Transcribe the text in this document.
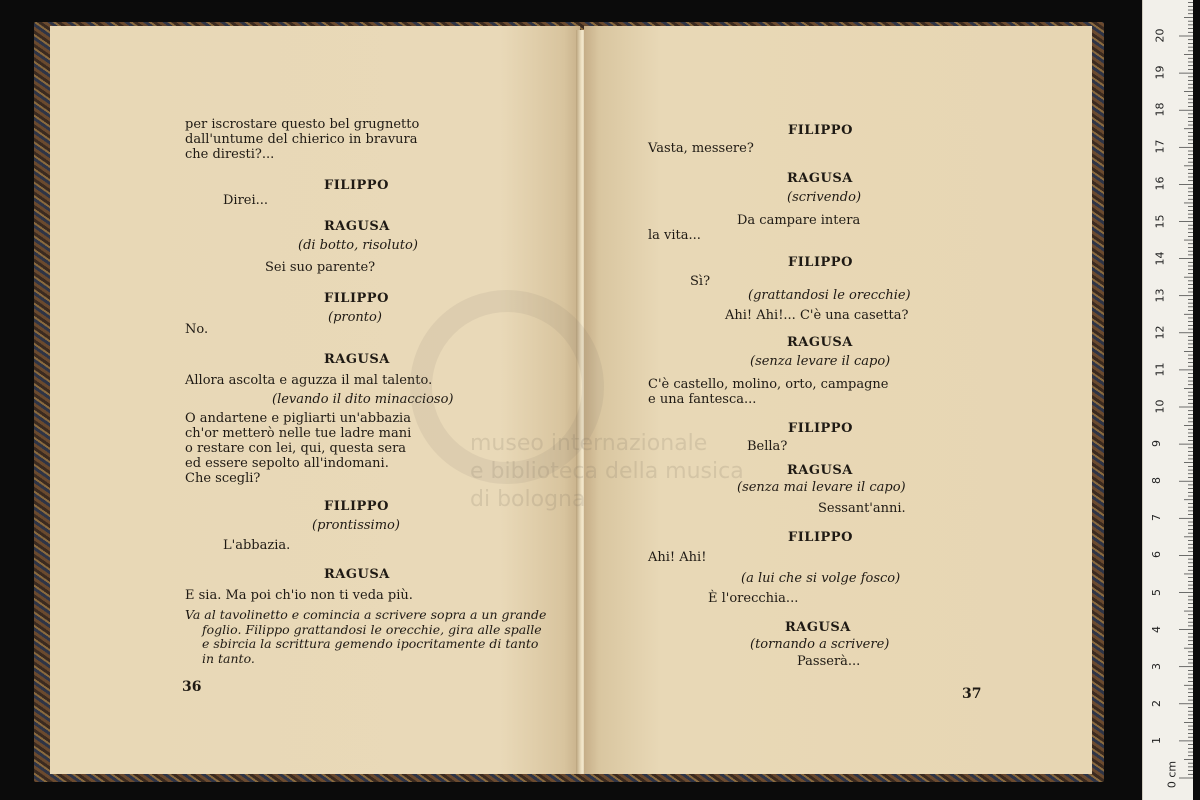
per iscrostare questo bel grugnetto
dall'untume del chierico in bravura
che diresti?...
FILIPPO
Direi...
RAGUSA
(di botto, risoluto)
Sei suo parente?
FILIPPO
(pronto)
No.
RAGUSA
Allora ascolta e aguzza il mal talento.
(levando il dito minaccioso)
O andartene e pigliarti un'abbazia
ch'or metterò nelle tue ladre mani
o restare con lei, qui, questa sera
ed essere sepolto all'indomani.
Che scegli?
FILIPPO
(prontissimo)
L'abbazia.
RAGUSA
E sia. Ma poi ch'io non ti veda più.
Va al tavolinetto e comincia a scrivere sopra a un grande
foglio. Filippo grattandosi le orecchie, gira alle spalle
e sbircia la scrittura gemendo ipocritamente di tanto
in tanto.
36
FILIPPO
Vasta, messere?
RAGUSA
(scrivendo)
Da campare intera
la vita...
FILIPPO
Sì?
(grattandosi le orecchie)
Ahi! Ahi!... C'è una casetta?
RAGUSA
(senza levare il capo)
C'è castello, molino, orto, campagne
e una fantesca...
FILIPPO
Bella?
RAGUSA
(senza mai levare il capo)
Sessant'anni.
FILIPPO
Ahi! Ahi!
(a lui che si volge fosco)
È l'orecchia...
RAGUSA
(tornando a scrivere)
Passerà...
37
1
2
3
4
5
6
7
8
9
10
11
12
13
14
15
16
17
18
19
20
0 cm
